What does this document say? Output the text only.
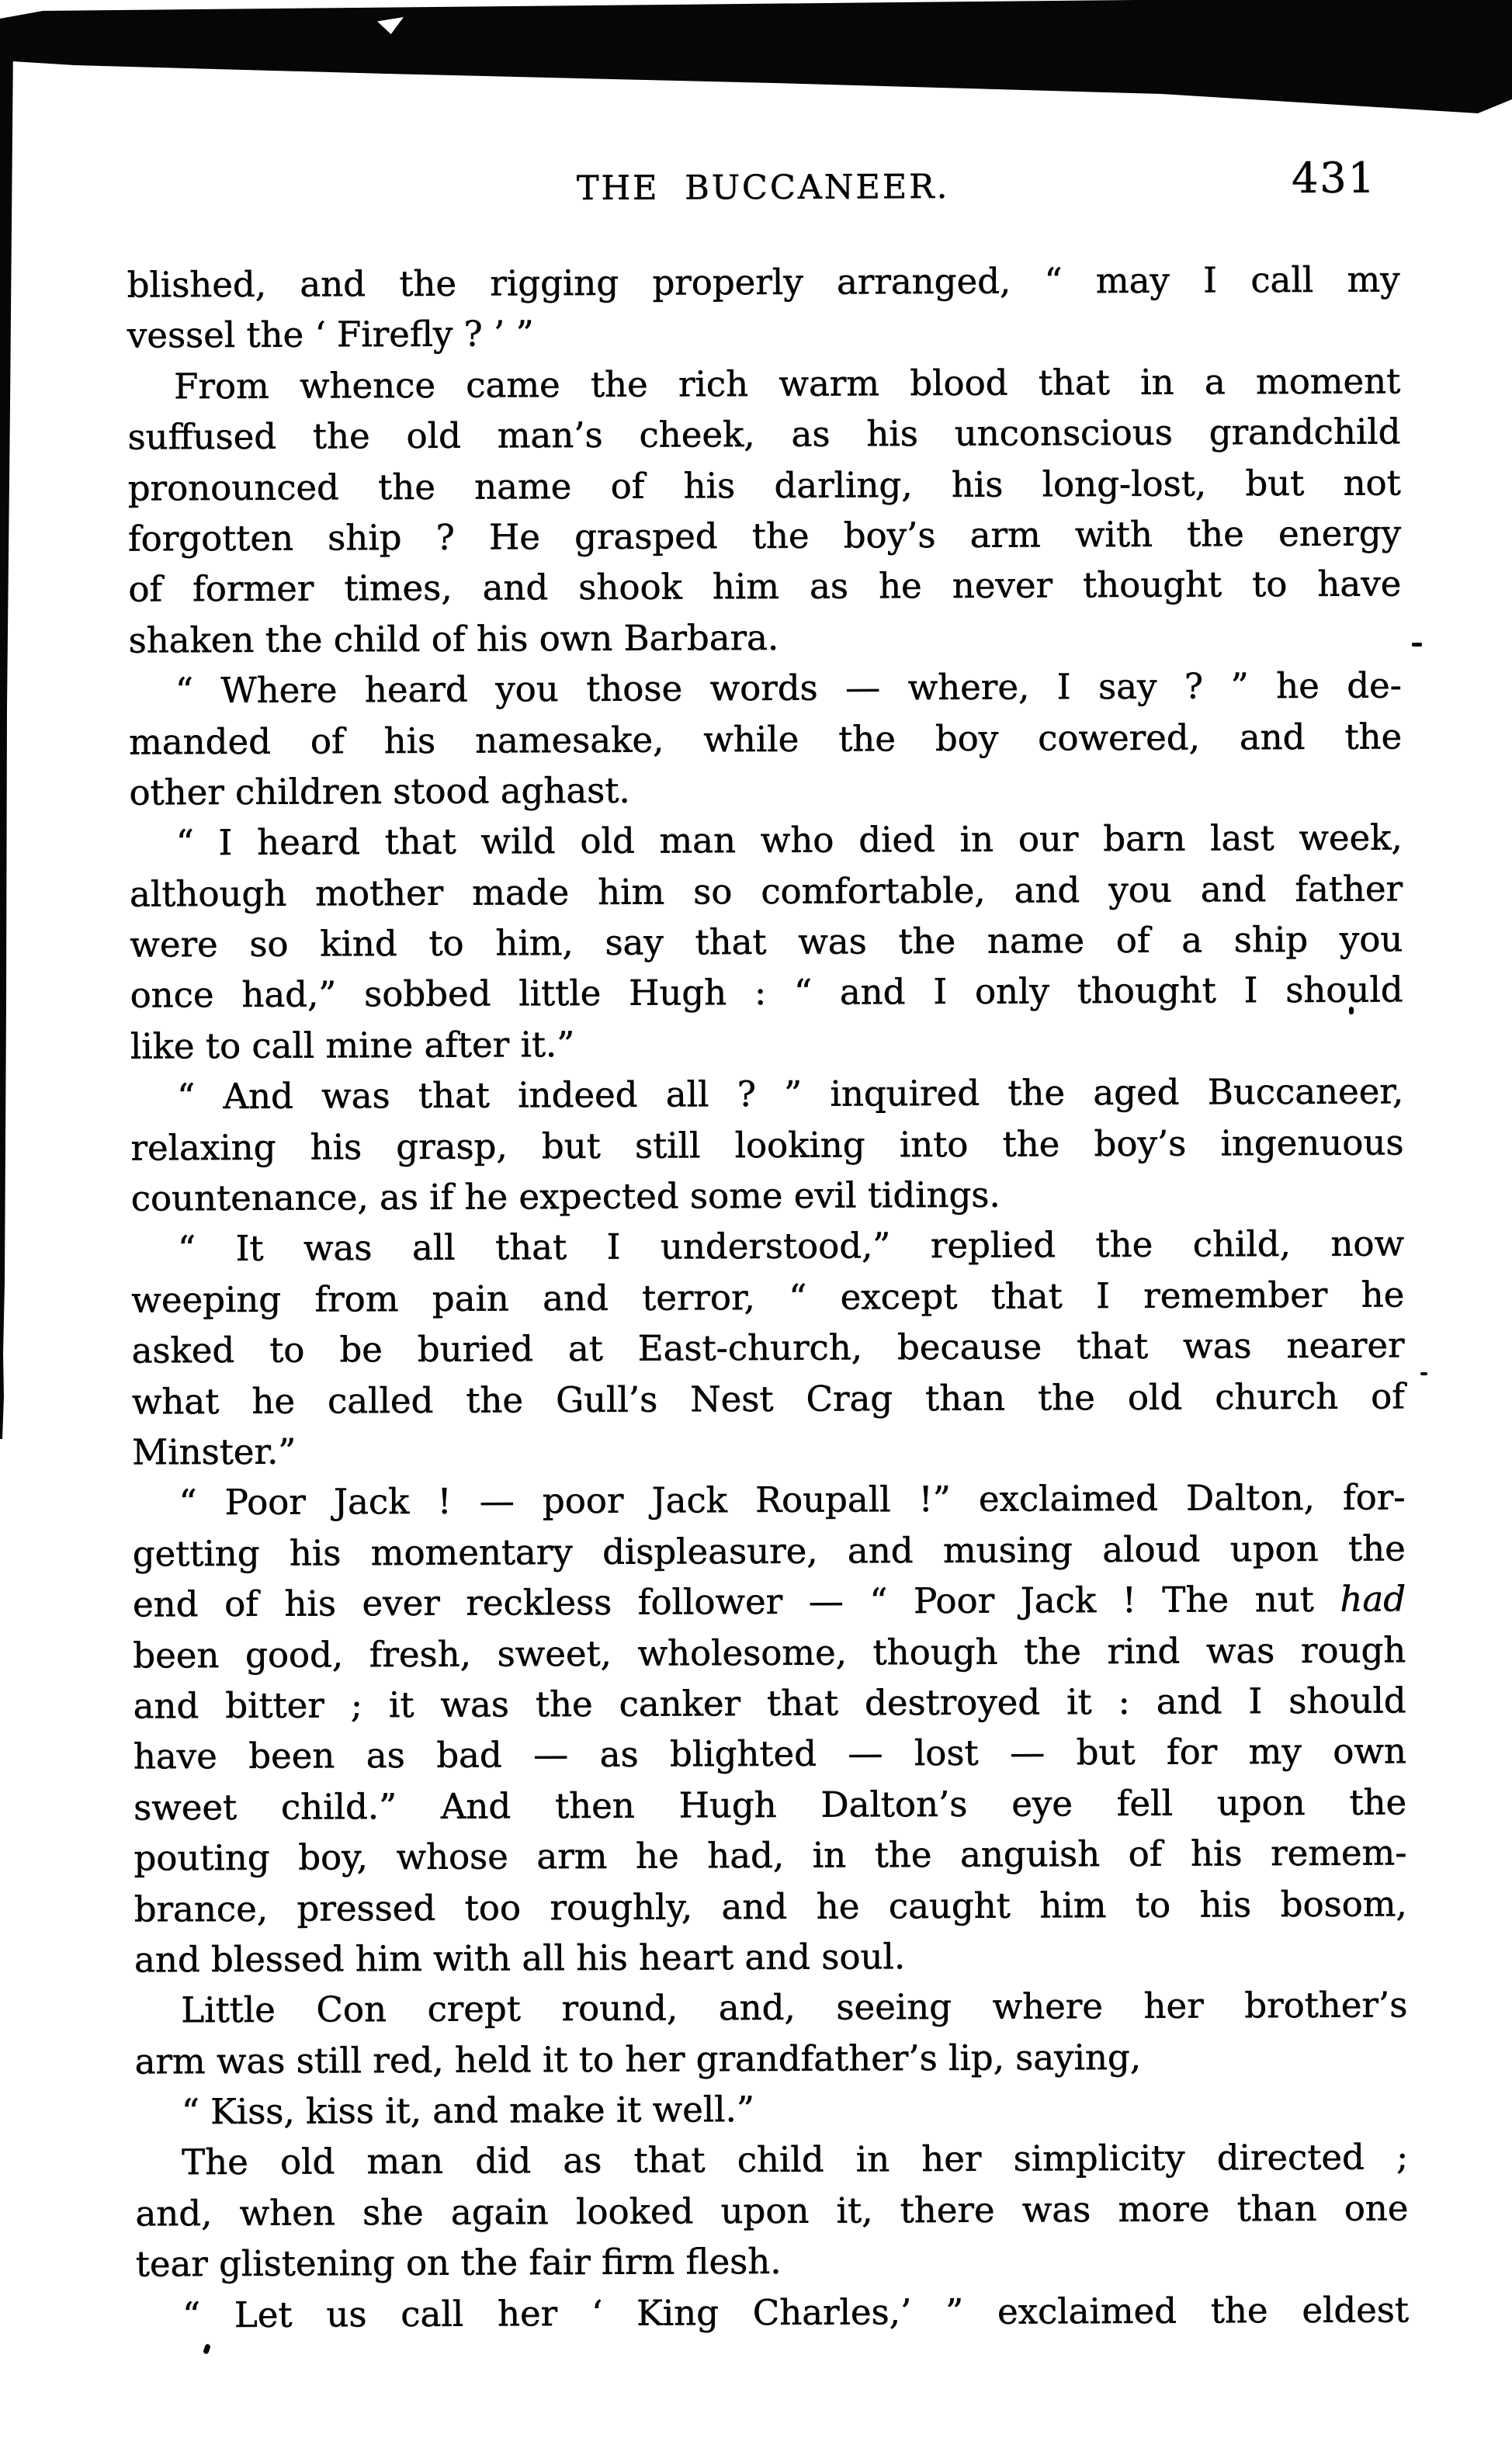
THE BUCCANEER.	431
blished, and the rigging properly arranged, “ may I call my
vessel the ‘ Firefly ? ’ ”
From whence came the rich warm blood that in a moment
suffused the old man’s cheek, as his unconscious grandchild
pronounced the name of his darling, his long-lost, but not
forgotten ship ? He grasped the boy’s arm with the energy
of former times, and shook him as he never thought to have
shaken the child of his own Barbara.
“ Where heard you those words — where, I say ? ” he de-
manded of his namesake, while the boy cowered, and the
other children stood aghast.
“ I heard that wild old man who died in our barn last week,
although mother made him so comfortable, and you and father
were so kind to him, say that was the name of a ship you
once had,” sobbed little Hugh : “ and I only thought I should
like to call mine after it.”
“ And was that indeed all ? ” inquired the aged Buccaneer,
relaxing his grasp, but still looking into the boy’s ingenuous
countenance, as if he expected some evil tidings.
“ It was all that I understood,” replied the child, now
weeping from pain and terror, “ except that I remember he
asked to be buried at East-church, because that was nearer
what he called the Gull’s Nest Crag than the old church of
Minster.”
“ Poor Jack ! — poor Jack Roupall !” exclaimed Dalton, for-
getting his momentary displeasure, and musing aloud upon the
end of his ever reckless follower — “ Poor Jack ! The nut had
been good, fresh, sweet, wholesome, though the rind was rough
and bitter ; it was the canker that destroyed it : and I should
have been as bad — as blighted — lost — but for my own
sweet child.” And then Hugh Dalton’s eye fell upon the
pouting boy, whose arm he had, in the anguish of his remem-
brance, pressed too roughly, and he caught him to his bosom,
and blessed him with all his heart and soul.
Little Con crept round, and, seeing where her brother’s
arm was still red, held it to her grandfather’s lip, saying,
“ Kiss, kiss it, and make it well.”
The old man did as that child in her simplicity directed ;
and, when she again looked upon it, there was more than one
tear glistening on the fair firm flesh.
“ Let us call her ‘ King Charles,’ ” exclaimed the eldest
